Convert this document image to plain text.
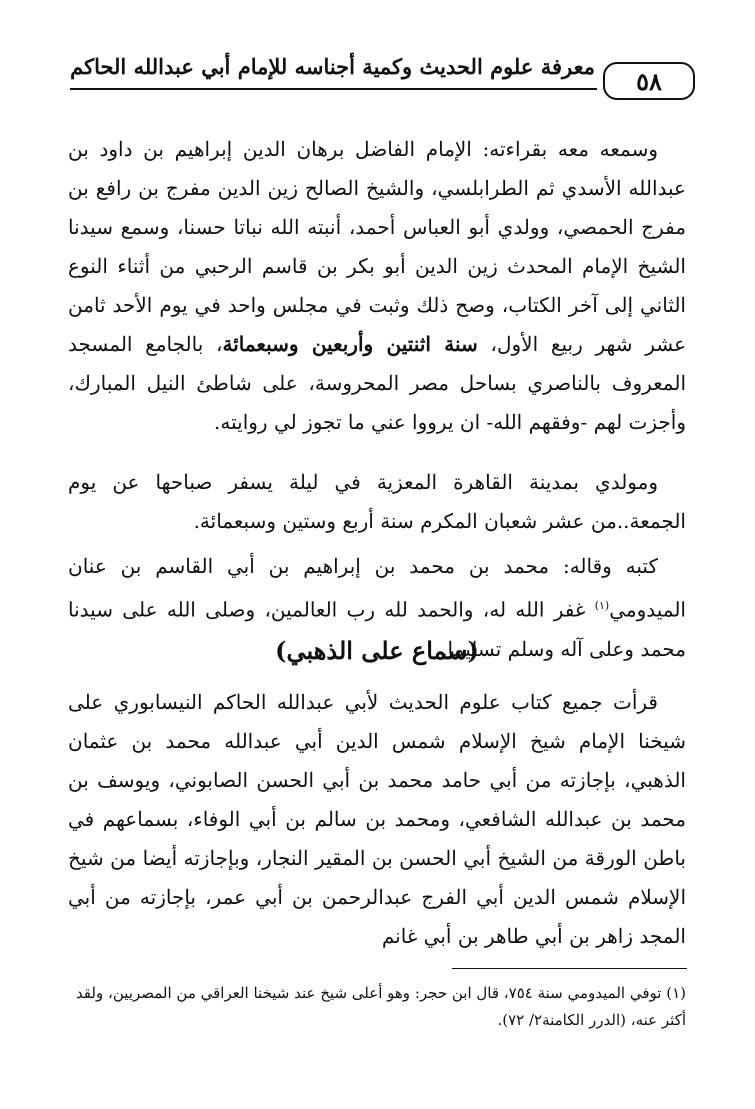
معرفة علوم الحديث وكمية أجناسه للإمام أبي عبدالله الحاكم	٥٨

وسمعه معه بقراءته: الإمام الفاضل برهان الدين إبراهيم بن داود بن عبدالله الأسدي ثم الطرابلسي، والشيخ الصالح زين الدين مفرج بن رافع بن مفرج الحمصي، وولدي أبو العباس أحمد، أنبته الله نباتا حسنا، وسمع سيدنا الشيخ الإمام المحدث زين الدين أبو بكر بن قاسم الرحبي من أثناء النوع الثاني إلى آخر الكتاب، وصح ذلك وثبت في مجلس واحد في يوم الأحد ثامن عشر شهر ربيع الأول، سنة اثنتين وأربعين وسبعمائة، بالجامع المسجد المعروف بالناصري بساحل مصر المحروسة، على شاطئ النيل المبارك، وأجزت لهم -وفقهم الله- ان يرووا عني ما تجوز لي روايته.

ومولدي بمدينة القاهرة المعزية في ليلة يسفر صباحها عن يوم الجمعة..من عشر شعبان المكرم سنة أربع وستين وسبعمائة.

كتبه وقاله: محمد بن محمد بن إبراهيم بن أبي القاسم بن عنان الميدومي$^{(١)}$ غفر الله له، والحمد لله رب العالمين، وصلى الله على سيدنا محمد وعلى آله وسلم تسليما.

(سماع على الذهبي)

قرأت جميع كتاب علوم الحديث لأبي عبدالله الحاكم النيسابوري على شيخنا الإمام شيخ الإسلام شمس الدين أبي عبدالله محمد بن عثمان الذهبي، بإجازته من أبي حامد محمد بن أبي الحسن الصابوني، ويوسف بن محمد بن عبدالله الشافعي، ومحمد بن سالم بن أبي الوفاء، بسماعهم في باطن الورقة من الشيخ أبي الحسن بن المقير النجار، وبإجازته أيضا من شيخ الإسلام شمس الدين أبي الفرج عبدالرحمن بن أبي عمر، بإجازته من أبي المجد زاهر بن أبي طاهر بن أبي غانم

(١) توفي الميدومي سنة ٧٥٤، قال ابن حجر: وهو أعلى شيخ عند شيخنا العراقي من المصريين، ولقد أكثر عنه، (الدرر الكامنة٢/ ٧٢).
